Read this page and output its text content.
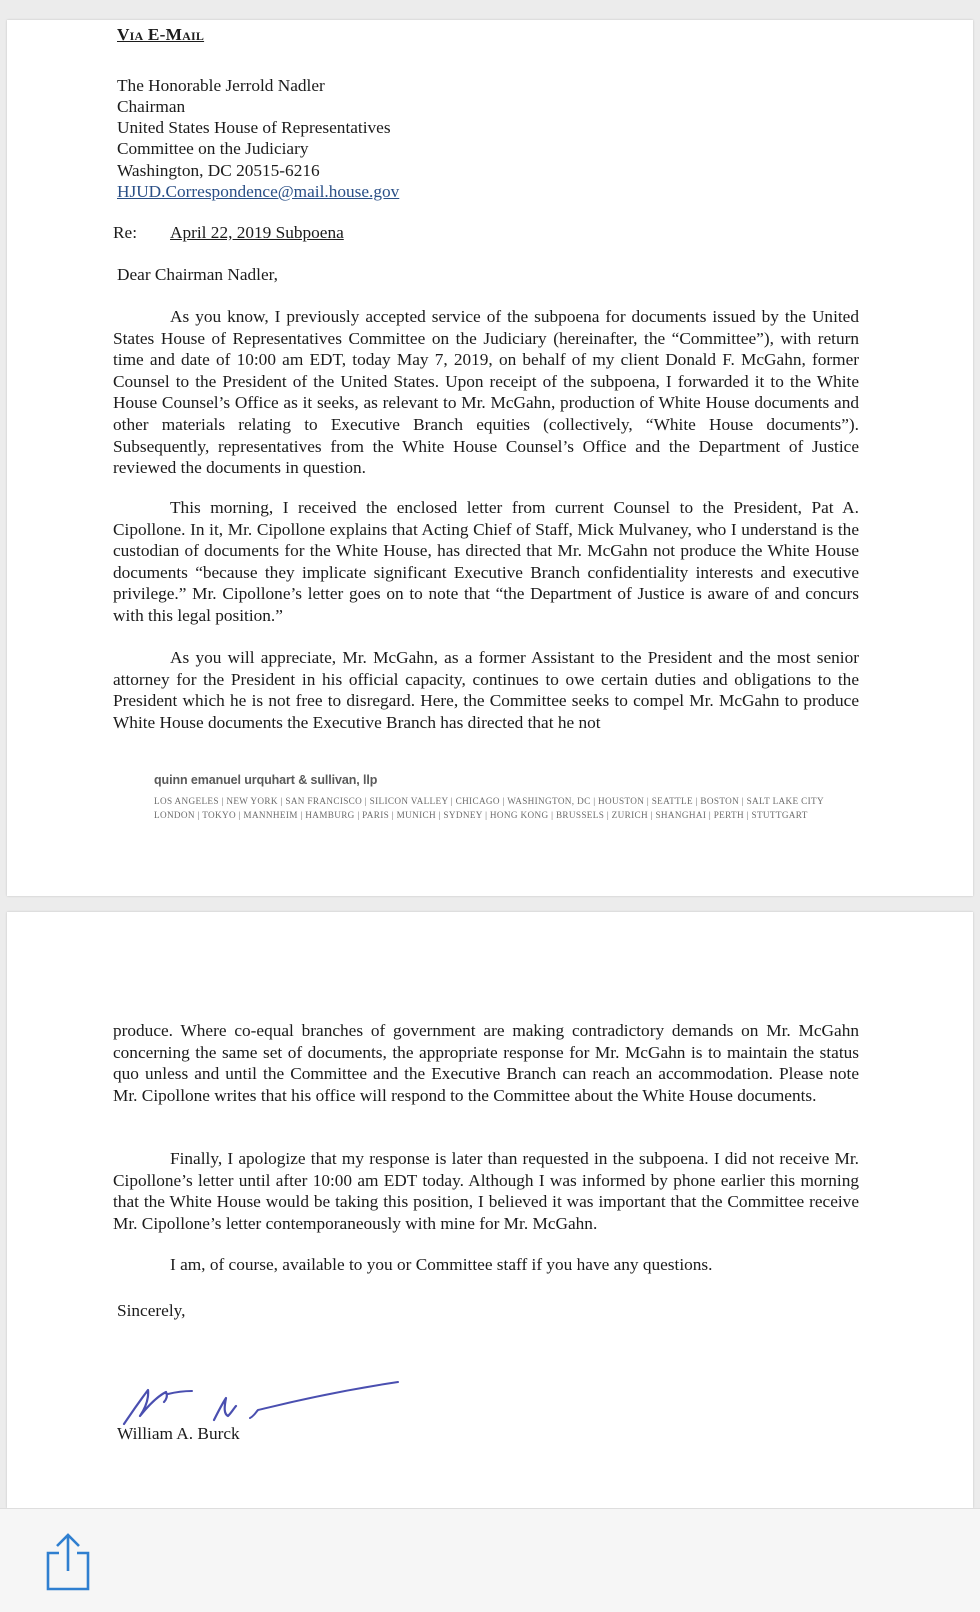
Via E-Mail
The Honorable Jerrold Nadler
Chairman
United States House of Representatives
Committee on the Judiciary
Washington, DC 20515-6216
HJUD.Correspondence@mail.house.gov
Re: April 22, 2019 Subpoena
Dear Chairman Nadler,

As you know, I previously accepted service of the subpoena for documents issued by the United States House of Representatives Committee on the Judiciary (hereinafter, the “Committee”), with return time and date of 10:00 am EDT, today May 7, 2019, on behalf of my client Donald F. McGahn, former Counsel to the President of the United States. Upon receipt of the subpoena, I forwarded it to the White House Counsel’s Office as it seeks, as relevant to Mr. McGahn, production of White House documents and other materials relating to Executive Branch equities (collectively, “White House documents”). Subsequently, representatives from the White House Counsel’s Office and the Department of Justice reviewed the documents in question.

This morning, I received the enclosed letter from current Counsel to the President, Pat A. Cipollone. In it, Mr. Cipollone explains that Acting Chief of Staff, Mick Mulvaney, who I understand is the custodian of documents for the White House, has directed that Mr. McGahn not produce the White House documents “because they implicate significant Executive Branch confidentiality interests and executive privilege.” Mr. Cipollone’s letter goes on to note that “the Department of Justice is aware of and concurs with this legal position.”

As you will appreciate, Mr. McGahn, as a former Assistant to the President and the most senior attorney for the President in his official capacity, continues to owe certain duties and obligations to the President which he is not free to disregard. Here, the Committee seeks to compel Mr. McGahn to produce White House documents the Executive Branch has directed that he not

quinn emanuel urquhart & sullivan, llp
LOS ANGELES | NEW YORK | SAN FRANCISCO | SILICON VALLEY | CHICAGO | WASHINGTON, DC | HOUSTON | SEATTLE | BOSTON | SALT LAKE CITY
LONDON | TOKYO | MANNHEIM | HAMBURG | PARIS | MUNICH | SYDNEY | HONG KONG | BRUSSELS | ZURICH | SHANGHAI | PERTH | STUTTGART

produce. Where co-equal branches of government are making contradictory demands on Mr. McGahn concerning the same set of documents, the appropriate response for Mr. McGahn is to maintain the status quo unless and until the Committee and the Executive Branch can reach an accommodation. Please note Mr. Cipollone writes that his office will respond to the Committee about the White House documents.

Finally, I apologize that my response is later than requested in the subpoena. I did not receive Mr. Cipollone’s letter until after 10:00 am EDT today. Although I was informed by phone earlier this morning that the White House would be taking this position, I believed it was important that the Committee receive Mr. Cipollone’s letter contemporaneously with mine for Mr. McGahn.

I am, of course, available to you or Committee staff if you have any questions.

Sincerely,
William A. Burck
